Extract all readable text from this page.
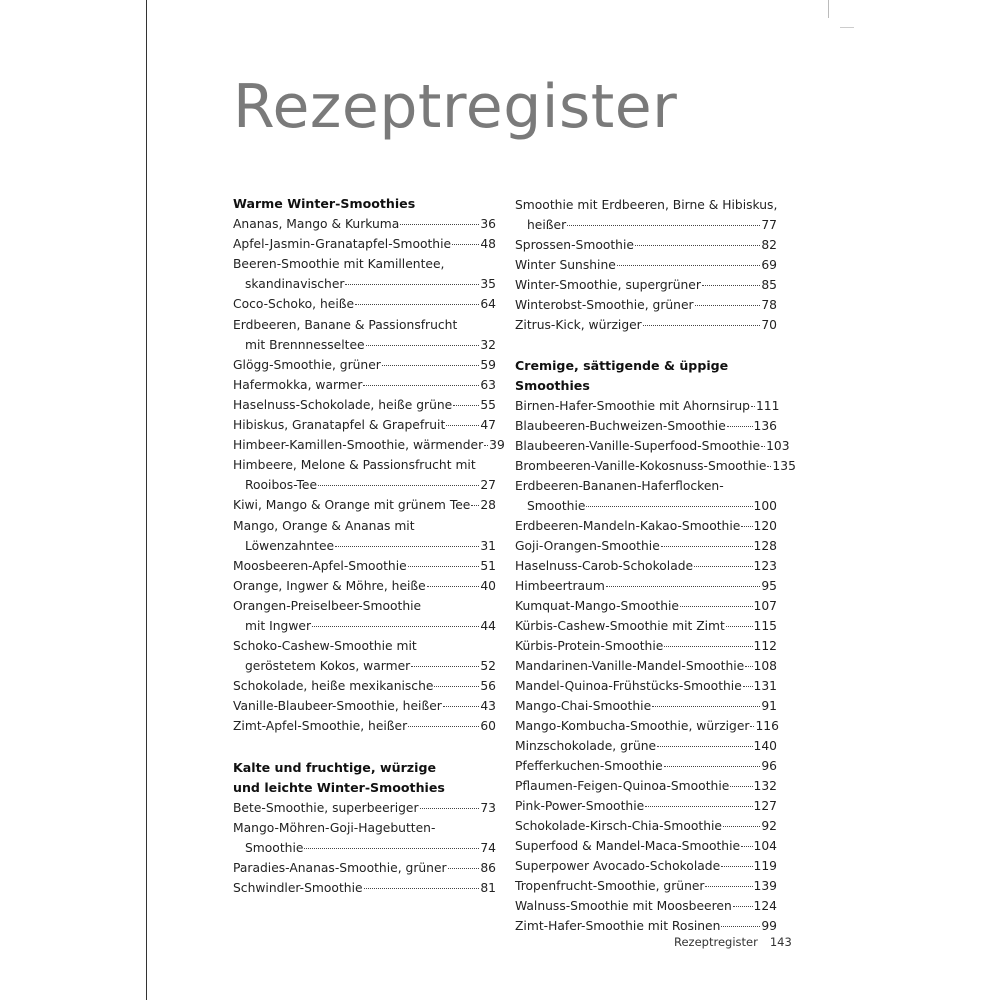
Rezeptregister
Warme Winter-Smoothies
Ananas, Mango & Kurkuma	36
Apfel-Jasmin-Granatapfel-Smoothie 48
Beeren-Smoothie mit Kamillentee,
skandinavischer	35
Coco-Schoko, heiße	64
Erdbeeren, Banane & Passionsfrucht
mit Brennnesseltee	32
Glögg-Smoothie, grüner	59
Hafermokka, warmer	63
Haselnuss-Schokolade, heiße grüne 55
Hibiskus, Granatapfel & Grapefruit	47
Himbeer-Kamillen-Smoothie, wärmender 39
Himbeere, Melone & Passionsfrucht mit
Rooibos-Tee	27
Kiwi, Mango & Orange mit grünem Tee 28
Mango, Orange & Ananas mit
Löwenzahntee	31
Moosbeeren-Apfel-Smoothie	51
Orange, Ingwer & Möhre, heiße	40
Orangen-Preiselbeer-Smoothie
mit Ingwer	44
Schoko-Cashew-Smoothie mit
geröstetem Kokos, warmer	52
Schokolade, heiße mexikanische	56
Vanille-Blaubeer-Smoothie, heißer	43
Zimt-Apfel-Smoothie, heißer	60
Kalte und fruchtige, würzige
und leichte Winter-Smoothies
Bete-Smoothie, superbeeriger	73
Mango-Möhren-Goji-Hagebutten-
Smoothie	74
Paradies-Ananas-Smoothie, grüner	86
Schwindler-Smoothie	81
Smoothie mit Erdbeeren, Birne & Hibiskus,
heißer	77
Sprossen-Smoothie	82
Winter Sunshine	69
Winter-Smoothie, supergrüner	85
Winterobst-Smoothie, grüner	78
Zitrus-Kick, würziger	70
Cremige, sättigende & üppige Smoothies
Birnen-Hafer-Smoothie mit Ahornsirup 111
Blaubeeren-Buchweizen-Smoothie 136
Blaubeeren-Vanille-Superfood-Smoothie 103
Brombeeren-Vanille-Kokosnuss-Smoothie 135
Erdbeeren-Bananen-Haferflocken-
Smoothie	100
Erdbeeren-Mandeln-Kakao-Smoothie 120
Goji-Orangen-Smoothie	128
Haselnuss-Carob-Schokolade	123
Himbeertraum	95
Kumquat-Mango-Smoothie	107
Kürbis-Cashew-Smoothie mit Zimt 115
Kürbis-Protein-Smoothie	112
Mandarinen-Vanille-Mandel-Smoothie 108
Mandel-Quinoa-Frühstücks-Smoothie 131
Mango-Chai-Smoothie	91
Mango-Kombucha-Smoothie, würziger 116
Minzschokolade, grüne	140
Pfefferkuchen-Smoothie	96
Pflaumen-Feigen-Quinoa-Smoothie 132
Pink-Power-Smoothie	127
Schokolade-Kirsch-Chia-Smoothie	92
Superfood & Mandel-Maca-Smoothie 104
Superpower Avocado-Schokolade	119
Tropenfrucht-Smoothie, grüner	139
Walnuss-Smoothie mit Moosbeeren 124
Zimt-Hafer-Smoothie mit Rosinen	99
Rezeptregister 143
